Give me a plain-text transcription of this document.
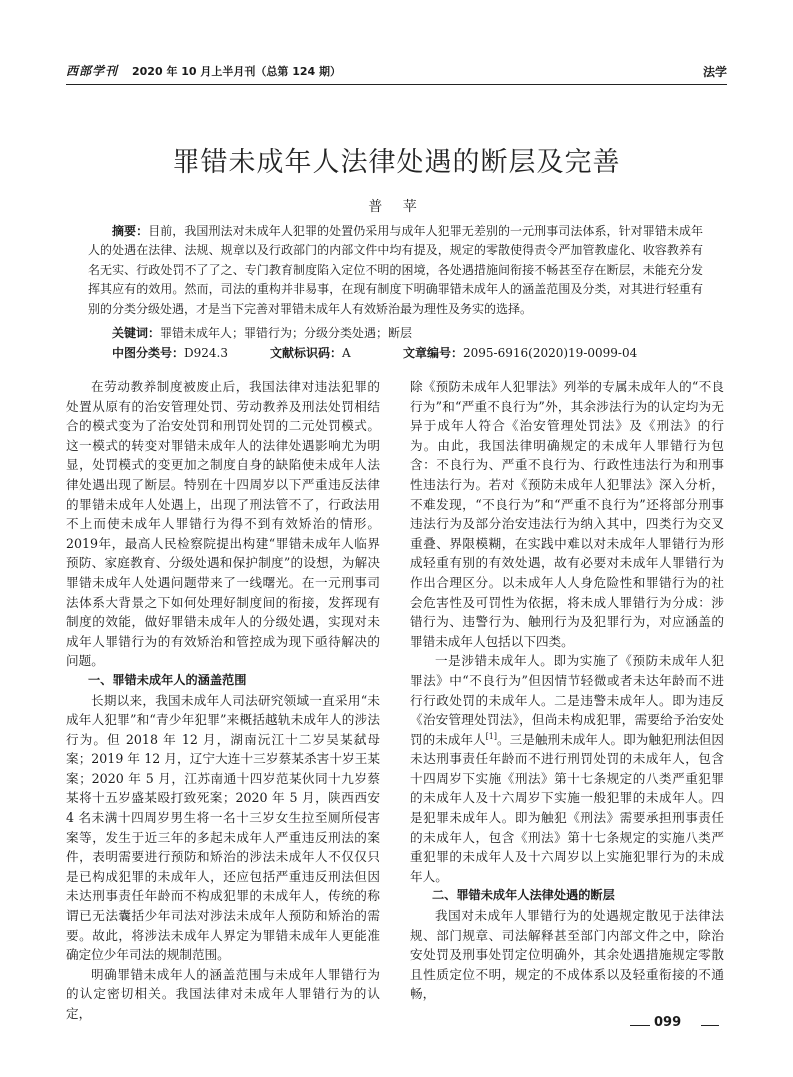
西部学刊 2020 年 10 月上半月刊（总第 124 期）	法学
罪错未成年人法律处遇的断层及完善
普 苹
摘要：目前，我国刑法对未成年人犯罪的处置仍采用与成年人犯罪无差别的一元刑事司法体系，针对罪错未成年人的处遇在法律、法规、规章以及行政部门的内部文件中均有提及，规定的零散使得责令严加管教虚化、收容教养有名无实、行政处罚不了了之、专门教育制度陷入定位不明的困境，各处遇措施间衔接不畅甚至存在断层，未能充分发挥其应有的效用。然而，司法的重构并非易事，在现有制度下明确罪错未成年人的涵盖范围及分类，对其进行轻重有别的分类分级处遇，才是当下完善对罪错未成年人有效矫治最为理性及务实的选择。
关键词：罪错未成年人；罪错行为；分级分类处遇；断层
中图分类号： D924.3	文献标识码： A	文章编号： 2095-6916(2020)19-0099-04

在劳动教养制度被废止后，我国法律对违法犯罪的处置从原有的治安管理处罚、劳动教养及刑法处罚相结合的模式变为了治安处罚和刑罚处罚的二元处罚模式。这一模式的转变对罪错未成年人的法律处遇影响尤为明显，处罚模式的变更加之制度自身的缺陷使未成年人法律处遇出现了断层。特别在十四周岁以下严重违反法律的罪错未成年人处遇上，出现了刑法管不了，行政法用不上而使未成年人罪错行为得不到有效矫治的情形。2019年，最高人民检察院提出构建“罪错未成年人临界预防、家庭教育、分级处遇和保护制度”的设想，为解决罪错未成年人处遇问题带来了一线曙光。在一元刑事司法体系大背景之下如何处理好制度间的衔接，发挥现有制度的效能，做好罪错未成年人的分级处遇，实现对未成年人罪错行为的有效矫治和管控成为现下亟待解决的问题。

一、罪错未成年人的涵盖范围

长期以来，我国未成年人司法研究领域一直采用“未成年人犯罪”和“青少年犯罪”来概括越轨未成年人的涉法行为。但 2018 年 12 月，湖南沅江十二岁吴某弑母案；2019 年 12 月，辽宁大连十三岁蔡某杀害十岁王某案；2020 年 5 月，江苏南通十四岁范某伙同十九岁蔡某将十五岁盛某殴打致死案；2020 年 5 月，陕西西安 4 名未满十四周岁男生将一名十三岁女生拉至厕所侵害案等，发生于近三年的多起未成年人严重违反刑法的案件，表明需要进行预防和矫治的涉法未成年人不仅仅只是已构成犯罪的未成年人，还应包括严重违反刑法但因未达刑事责任年龄而不构成犯罪的未成年人，传统的称谓已无法囊括少年司法对涉法未成年人预防和矫治的需要。故此，将涉法未成年人界定为罪错未成年人更能准确定位少年司法的规制范围。

明确罪错未成年人的涵盖范围与未成年人罪错行为的认定密切相关。我国法律对未成年人罪错行为的认定，

除《预防未成年人犯罪法》列举的专属未成年人的“不良行为”和“严重不良行为”外，其余涉法行为的认定均为无异于成年人符合《治安管理处罚法》及《刑法》的行为。由此，我国法律明确规定的未成年人罪错行为包含：不良行为、严重不良行为、行政性违法行为和刑事性违法行为。若对《预防未成年人犯罪法》深入分析，不难发现，“不良行为”和“严重不良行为”还将部分刑事违法行为及部分治安违法行为纳入其中，四类行为交叉重叠、界限模糊，在实践中难以对未成年人罪错行为形成轻重有别的有效处遇，故有必要对未成年人罪错行为作出合理区分。以未成年人人身危险性和罪错行为的社会危害性及可罚性为依据，将未成人罪错行为分成：涉错行为、违警行为、触刑行为及犯罪行为，对应涵盖的罪错未成年人包括以下四类。

一是涉错未成年人。即为实施了《预防未成年人犯罪法》中“不良行为”但因情节轻微或者未达年龄而不进行行政处罚的未成年人。二是违警未成年人。即为违反《治安管理处罚法》，但尚未构成犯罪，需要给予治安处罚的未成年人[1]。三是触刑未成年人。即为触犯刑法但因未达刑事责任年龄而不进行刑罚处罚的未成年人，包含十四周岁下实施《刑法》第十七条规定的八类严重犯罪的未成年人及十六周岁下实施一般犯罪的未成年人。四是犯罪未成年人。即为触犯《刑法》需要承担刑事责任的未成年人，包含《刑法》第十七条规定的实施八类严重犯罪的未成年人及十六周岁以上实施犯罪行为的未成年人。

二、罪错未成年人法律处遇的断层

我国对未成年人罪错行为的处遇规定散见于法律法规、部门规章、司法解释甚至部门内部文件之中，除治安处罚及刑事处罚定位明确外，其余处遇措施规定零散且性质定位不明，规定的不成体系以及轻重衔接的不通畅，

099
